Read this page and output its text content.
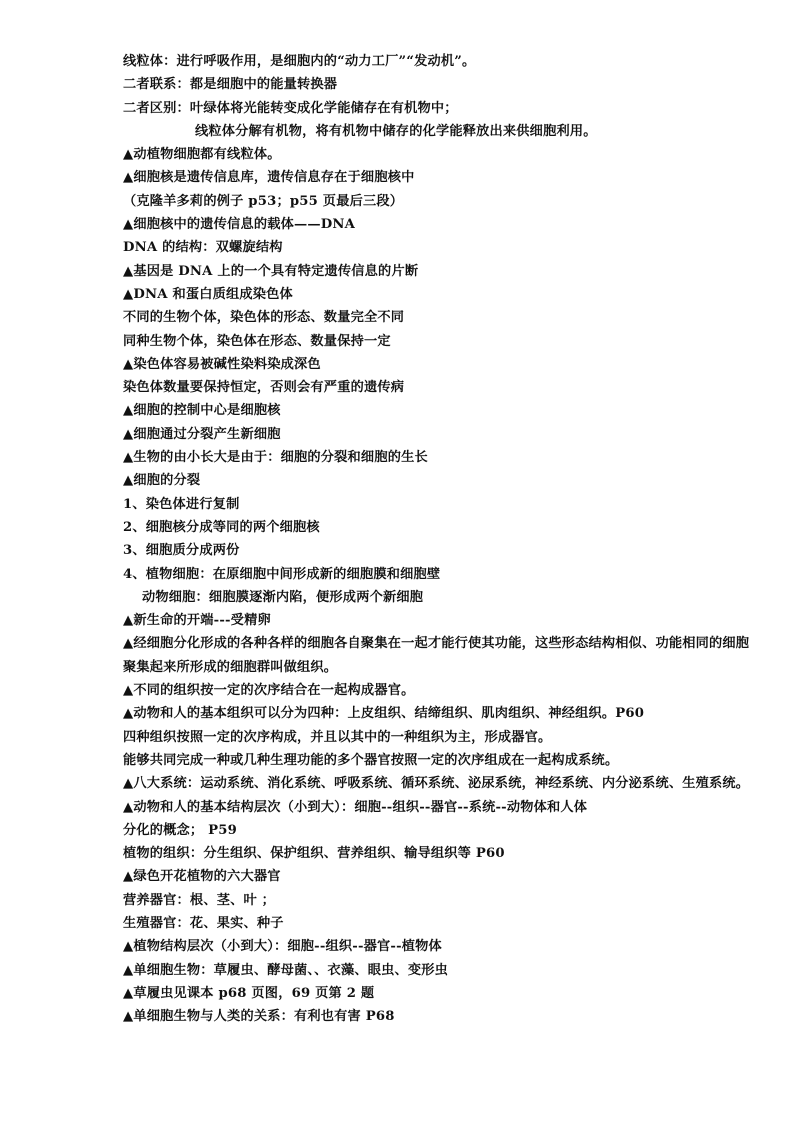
线粒体：进行呼吸作用，是细胞内的“动力工厂”“发动机”。
二者联系：都是细胞中的能量转换器
二者区别：叶绿体将光能转变成化学能储存在有机物中；
线粒体分解有机物，将有机物中储存的化学能释放出来供细胞利用。
▲动植物细胞都有线粒体。
▲细胞核是遗传信息库，遗传信息存在于细胞核中
（克隆羊多莉的例子 p53；p55 页最后三段）
▲细胞核中的遗传信息的载体——DNA
DNA 的结构：双螺旋结构
▲基因是 DNA 上的一个具有特定遗传信息的片断
▲DNA 和蛋白质组成染色体
不同的生物个体，染色体的形态、数量完全不同
同种生物个体，染色体在形态、数量保持一定
▲染色体容易被碱性染料染成深色
染色体数量要保持恒定，否则会有严重的遗传病
▲细胞的控制中心是细胞核
▲细胞通过分裂产生新细胞
▲生物的由小长大是由于：细胞的分裂和细胞的生长
▲细胞的分裂
1、染色体进行复制
2、细胞核分成等同的两个细胞核
3、细胞质分成两份
4、植物细胞：在原细胞中间形成新的细胞膜和细胞壁
动物细胞：细胞膜逐渐内陷，便形成两个新细胞
▲新生命的开端---受精卵
▲经细胞分化形成的各种各样的细胞各自聚集在一起才能行使其功能，这些形态结构相似、功能相同的细胞聚集起来所形成的细胞群叫做组织。
▲不同的组织按一定的次序结合在一起构成器官。
▲动物和人的基本组织可以分为四种：上皮组织、结缔组织、肌肉组织、神经组织。P60
四种组织按照一定的次序构成，并且以其中的一种组织为主，形成器官。
能够共同完成一种或几种生理功能的多个器官按照一定的次序组成在一起构成系统。
▲八大系统：运动系统、消化系统、呼吸系统、循环系统、泌尿系统，神经系统、内分泌系统、生殖系统。
▲动物和人的基本结构层次（小到大）：细胞--组织--器官--系统--动物体和人体
分化的概念； P59
植物的组织：分生组织、保护组织、营养组织、输导组织等 P60
▲绿色开花植物的六大器官
营养器官：根、茎、叶 ；
生殖器官：花、果实、种子
▲植物结构层次（小到大）：细胞--组织--器官--植物体
▲单细胞生物：草履虫、酵母菌、、衣藻、眼虫、变形虫
▲草履虫见课本 p68 页图，69 页第 2 题
▲单细胞生物与人类的关系：有利也有害 P68
